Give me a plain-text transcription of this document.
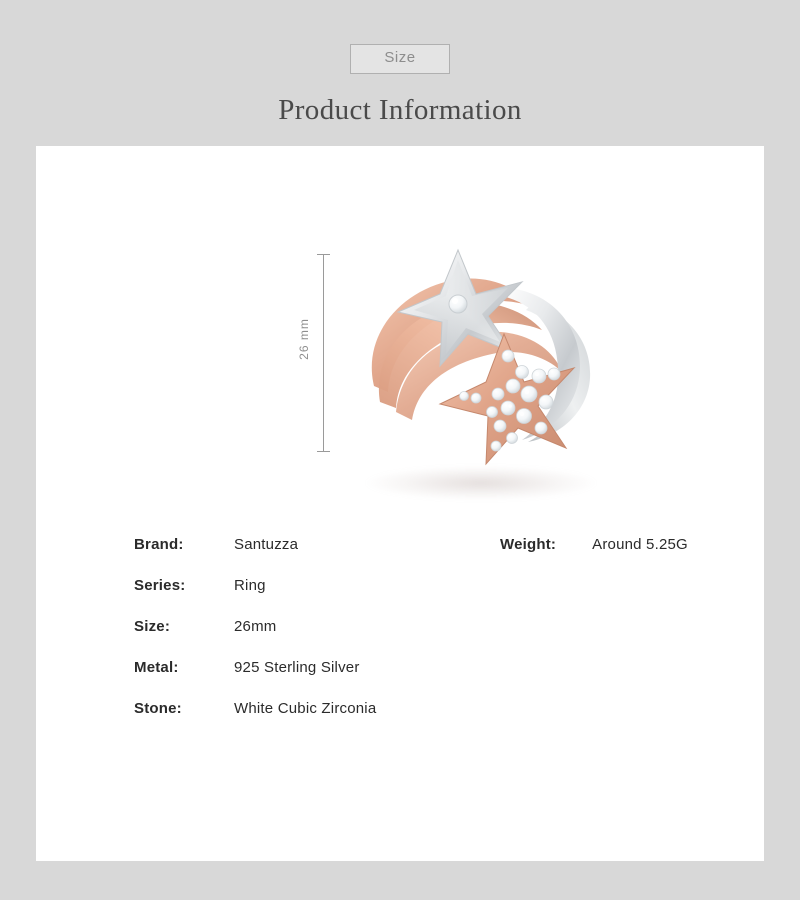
Size
Product Information
26 mm
Brand:	Santuzza	Weight: Around 5.25G
Series:	Ring
Size:	26mm
Metal:	925 Sterling Silver
Stone:	White Cubic Zirconia
